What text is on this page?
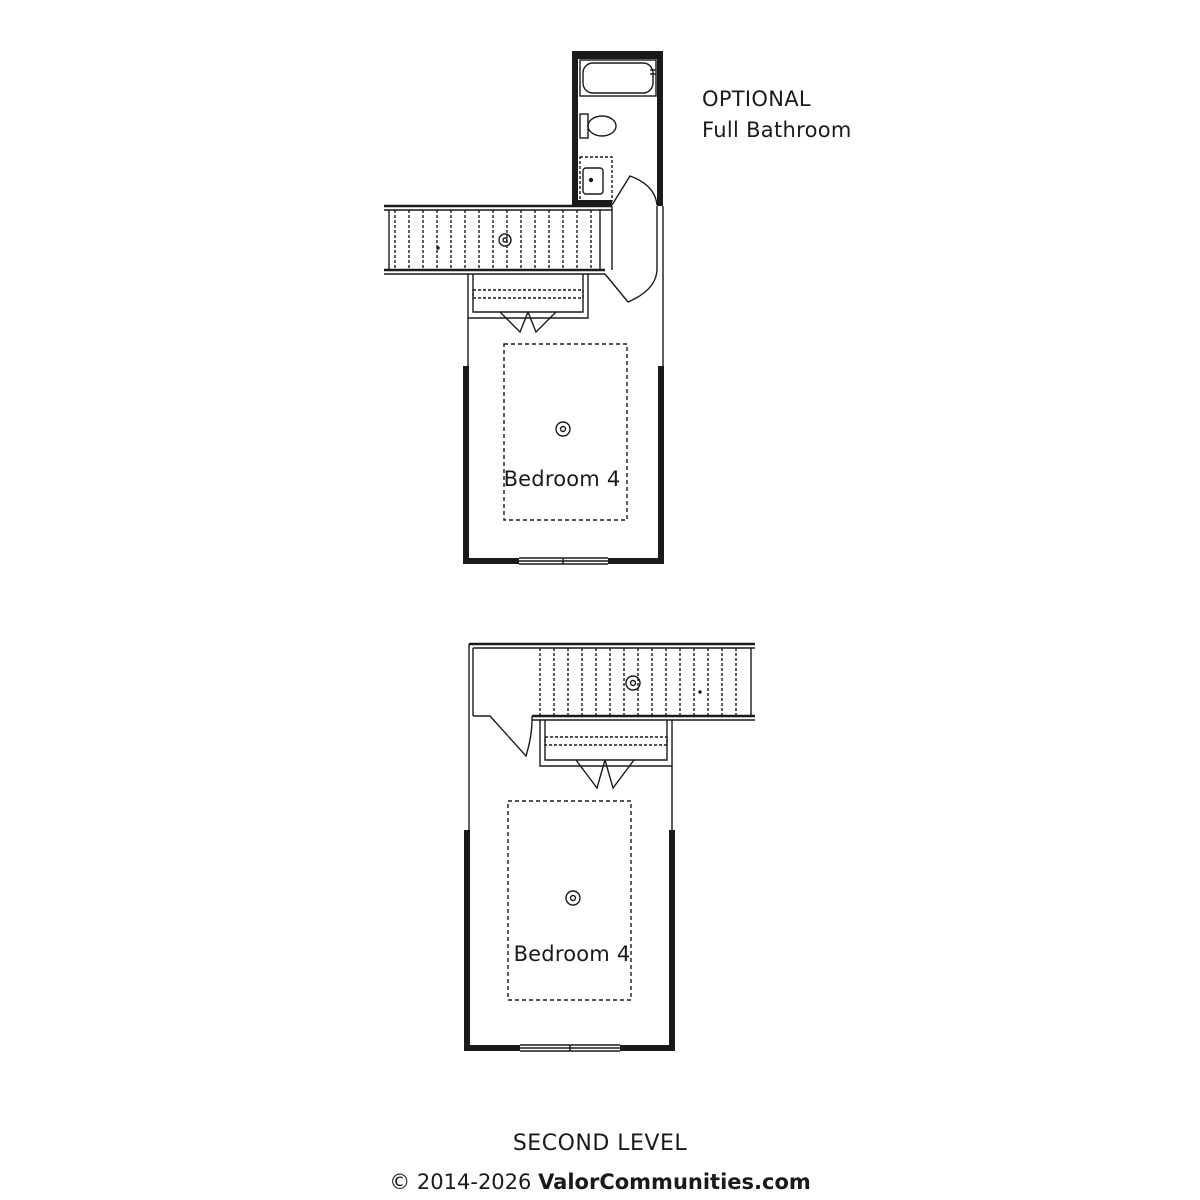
OPTIONAL
Full Bathroom
Bedroom 4
Bedroom 4
SECOND LEVEL
© 2014-2026 ValorCommunities.com
